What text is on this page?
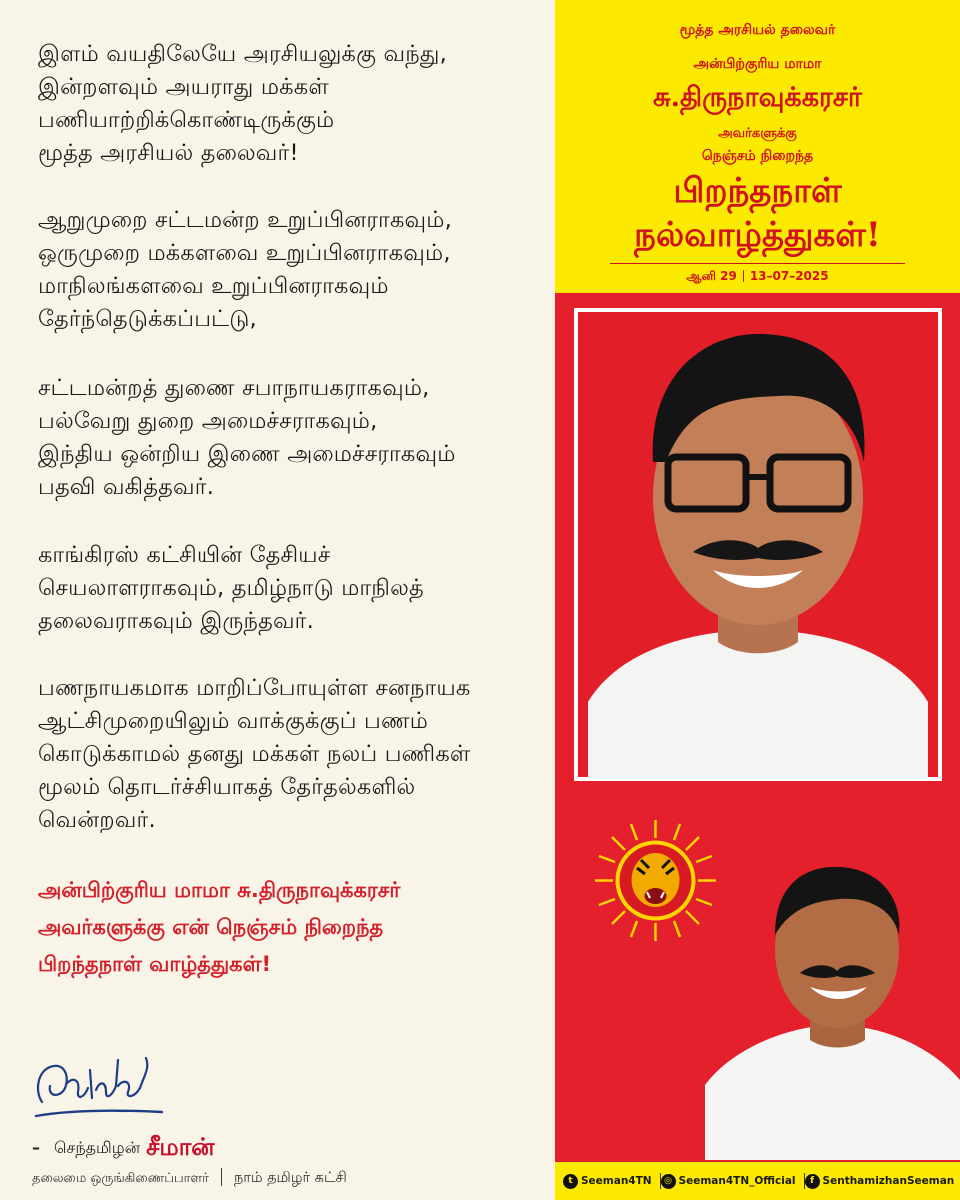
இளம் வயதிலேயே அரசியலுக்கு வந்து,
இன்றளவும் அயராது மக்கள்
பணியாற்றிக்கொண்டிருக்கும்
மூத்த அரசியல் தலைவர்!
ஆறுமுறை சட்டமன்ற உறுப்பினராகவும்,
ஒருமுறை மக்களவை உறுப்பினராகவும்,
மாநிலங்களவை உறுப்பினராகவும்
தேர்ந்தெடுக்கப்பட்டு,
சட்டமன்றத் துணை சபாநாயகராகவும்,
பல்வேறு துறை அமைச்சராகவும்,
இந்திய ஒன்றிய இணை அமைச்சராகவும்
பதவி வகித்தவர்.
காங்கிரஸ் கட்சியின் தேசியச்
செயலாளராகவும், தமிழ்நாடு மாநிலத்
தலைவராகவும் இருந்தவர்.
பணநாயகமாக மாறிப்போயுள்ள சனநாயக
ஆட்சிமுறையிலும் வாக்குக்குப் பணம்
கொடுக்காமல் தனது மக்கள் நலப் பணிகள்
மூலம் தொடர்ச்சியாகத் தேர்தல்களில்
வென்றவர்.
அன்பிற்குரிய மாமா சு.திருநாவுக்கரசர்
அவர்களுக்கு என் நெஞ்சம் நிறைந்த
பிறந்தநாள் வாழ்த்துகள்!
– செந்தமிழன் சீமான்
தலைமை ஒருங்கிணைப்பாளர் நாம் தமிழர் கட்சி
மூத்த அரசியல் தலைவர்
அன்பிற்குரிய மாமா
சு.திருநாவுக்கரசர்
அவர்களுக்கு
நெஞ்சம் நிறைந்த
பிறந்தநாள்
நல்வாழ்த்துகள்!
ஆனி 29 13–07–2025
t Seeman4TN	◎ Seeman4TN_Official	f SenthamizhanSeeman
